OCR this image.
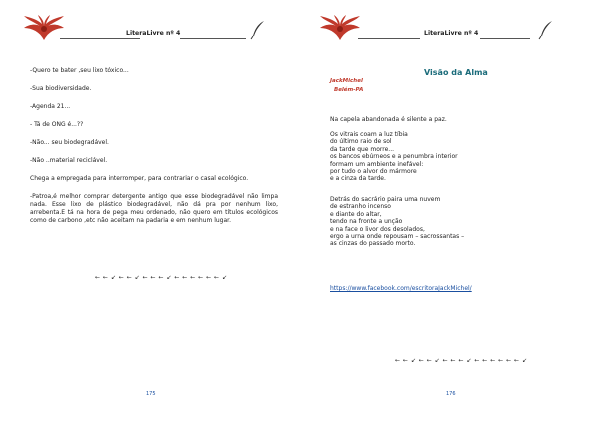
LiteraLivre nº 4

-Quero te bater ,seu lixo tóxico...

-Sua biodiversidade.

-Agenda 21...

- Tá de ONG é...??

-Não... seu biodegradável.

-Não ..material reciclável.

Chega a empregada para interromper, para contrariar o casal ecológico.

-Patroa,é melhor comprar detergente antigo que esse biodegradável não limpa nada. Esse lixo de plástico biodegradável, não dá pra por nenhum lixo, arrebenta.E tá na hora de pega meu ordenado, não quero em títulos ecológicos como de carbono ,etc não aceitam na padaria e em nenhum lugar.

← ← ↙ ← ← ↙ ← ← ← ↙ ← ← ← ← ← ← ↙
175
LiteraLivre nº 4
Visão da Alma
JackMichel
Belém-PA
Na capela abandonada é silente a paz.
Os vitrais coam a luz tíbia
do último raio de sol
da tarde que morre...
os bancos ebúrneos e a penumbra interior
formam um ambiente inefável:
por tudo o alvor do mármore
e a cinza da tarde.
Detrás do sacrário paira uma nuvem
de estranho incenso
e diante do altar,
tendo na fronte a unção
e na face o livor dos desolados,
ergo a urna onde repousam – sacrossantas –
as cinzas do passado morto.
https://www.facebook.com/escritoraJackMichel/
← ← ↙ ← ← ↙ ← ← ← ↙ ← ← ← ← ← ← ↙
176
